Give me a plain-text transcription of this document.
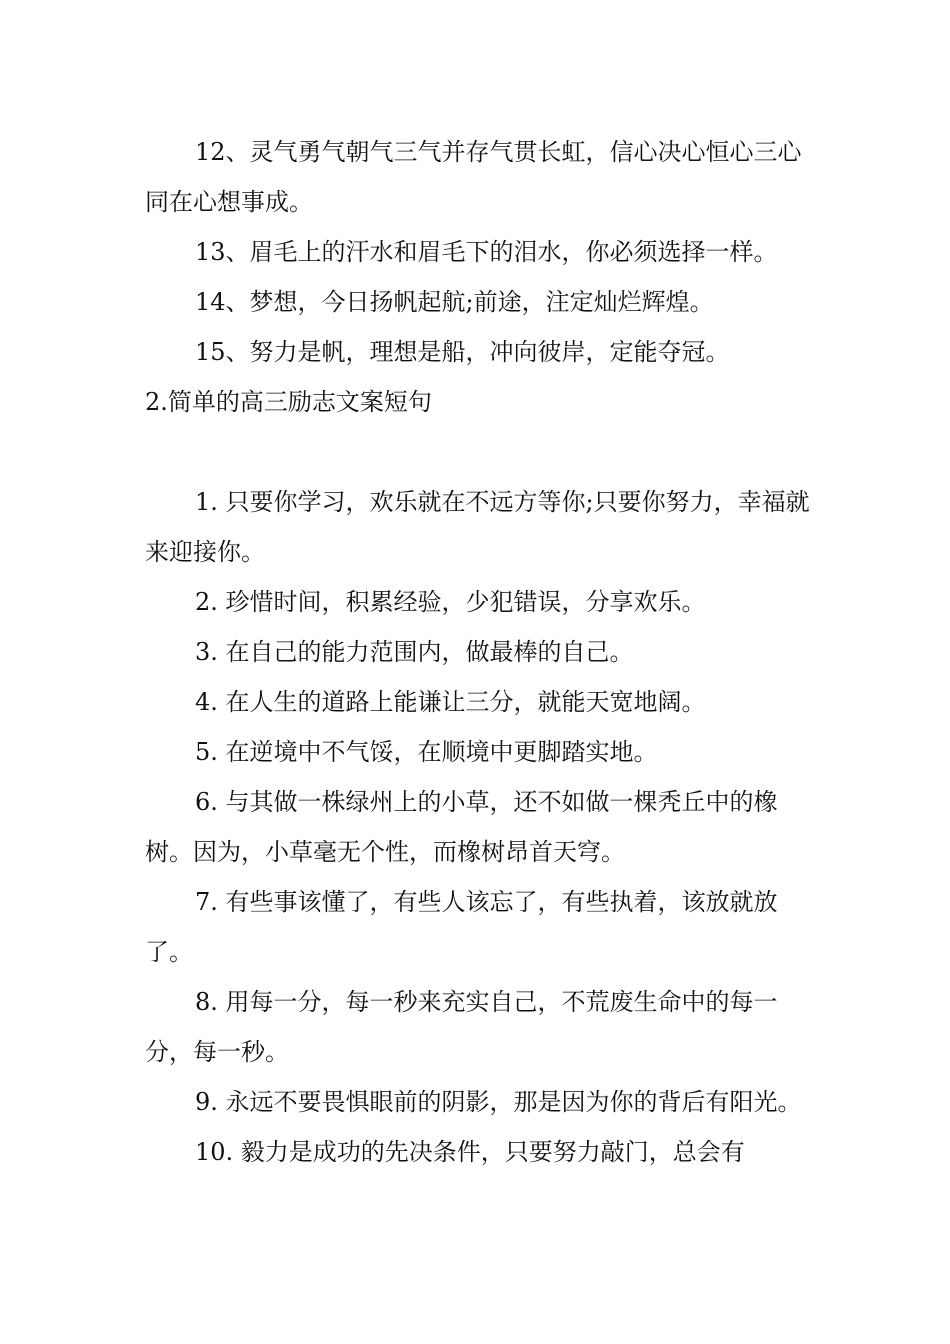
12、灵气勇气朝气三气并存气贯长虹，信心决心恒心三心同在心想事成。

13、眉毛上的汗水和眉毛下的泪水，你必须选择一样。

14、梦想，今日扬帆起航;前途，注定灿烂辉煌。

15、努力是帆，理想是船，冲向彼岸，定能夺冠。

2.简单的高三励志文案短句

1. 只要你学习，欢乐就在不远方等你;只要你努力，幸福就来迎接你。

2. 珍惜时间，积累经验，少犯错误，分享欢乐。

3. 在自己的能力范围内，做最棒的自己。

4. 在人生的道路上能谦让三分，就能天宽地阔。

5. 在逆境中不气馁，在顺境中更脚踏实地。

6. 与其做一株绿州上的小草，还不如做一棵秃丘中的橡树。因为，小草毫无个性，而橡树昂首天穹。

7. 有些事该懂了，有些人该忘了，有些执着，该放就放了。

8. 用每一分，每一秒来充实自己，不荒废生命中的每一分，每一秒。

9. 永远不要畏惧眼前的阴影，那是因为你的背后有阳光。

10. 毅力是成功的先决条件，只要努力敲门，总会有
